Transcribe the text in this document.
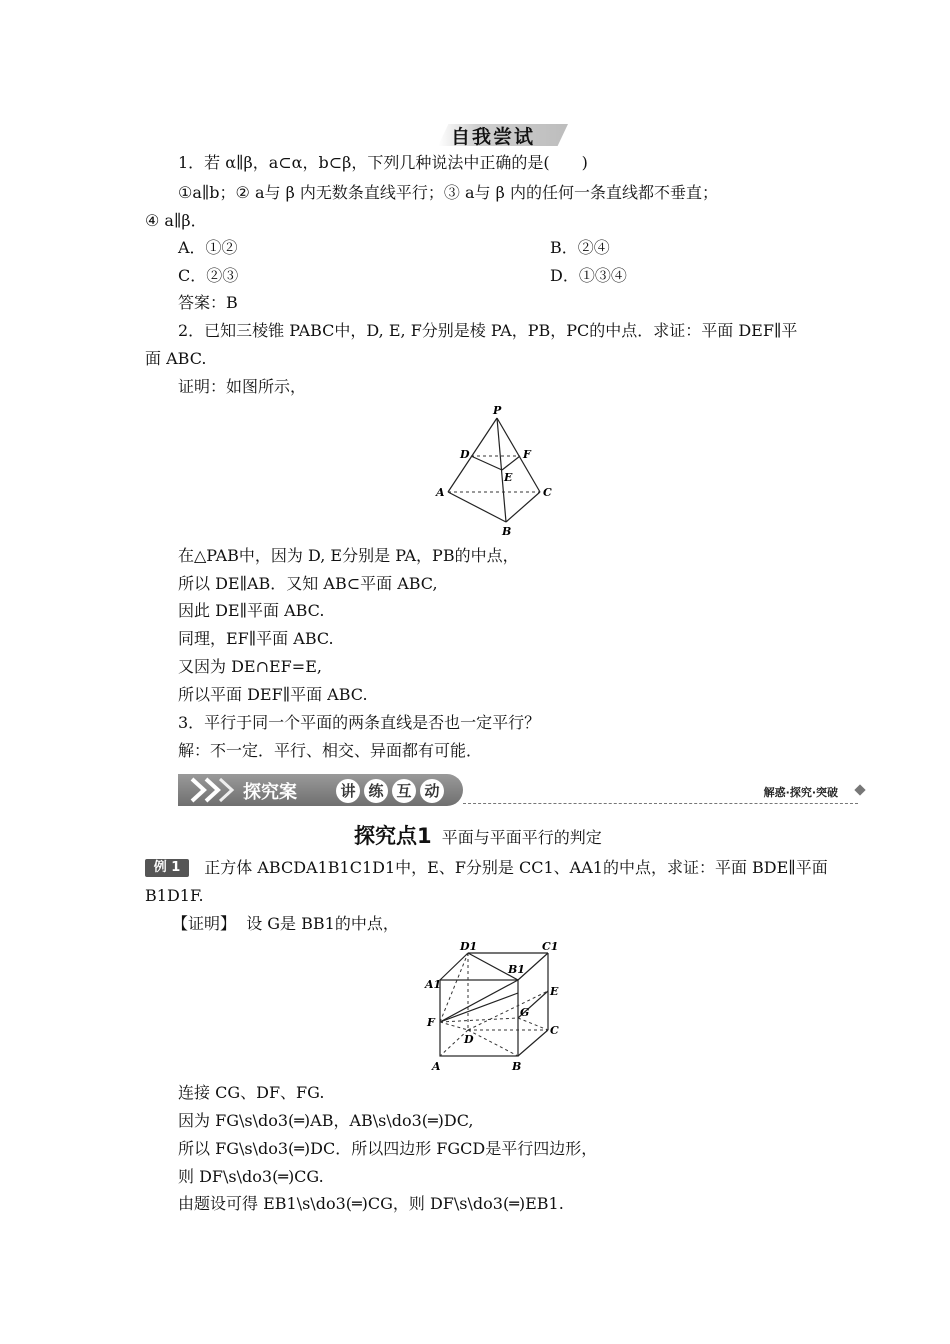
自我尝试
1．若 α∥β，a⊂α，b⊂β，下列几种说法中正确的是(　　)
①a∥b；② a与 β 内无数条直线平行；③ a与 β 内的任何一条直线都不垂直；
④ a∥β．
A．①②	B．②④
C．②③	D．①③④
答案：B
2．已知三棱锥 PABC中，D, E, F分别是棱 PA，PB，PC的中点．求证：平面 DEF∥平
面 ABC.
证明：如图所示，
P
D
E
F
A
B
C
在△PAB中，因为 D, E分别是 PA，PB的中点，
所以 DE∥AB．又知 AB⊂平面 ABC,
因此 DE∥平面 ABC.
同理，EF∥平面 ABC.
又因为 DE∩EF=E,
所以平面 DEF∥平面 ABC.
3．平行于同一个平面的两条直线是否也一定平行？
解：不一定．平行、相交、异面都有可能．
探究案	讲 练 互 动	解惑·探究·突破
探究点1 平面与平面平行的判定
例 1 正方体 ABCDA1B1C1D1中，E、F分别是 CC1、AA1的中点，求证：平面 BDE∥平面
B1D1F.
【证明】 设 G是 BB1的中点，
D1	C1
A1
B1
E
F
G
D
C
A	B
连接 CG、DF、FG.
因为 FG\s\do3(═)AB，AB\s\do3(═)DC,
所以 FG\s\do3(═)DC．所以四边形 FGCD是平行四边形，
则 DF\s\do3(═)CG.
由题设可得 EB1\s\do3(═)CG，则 DF\s\do3(═)EB1.
